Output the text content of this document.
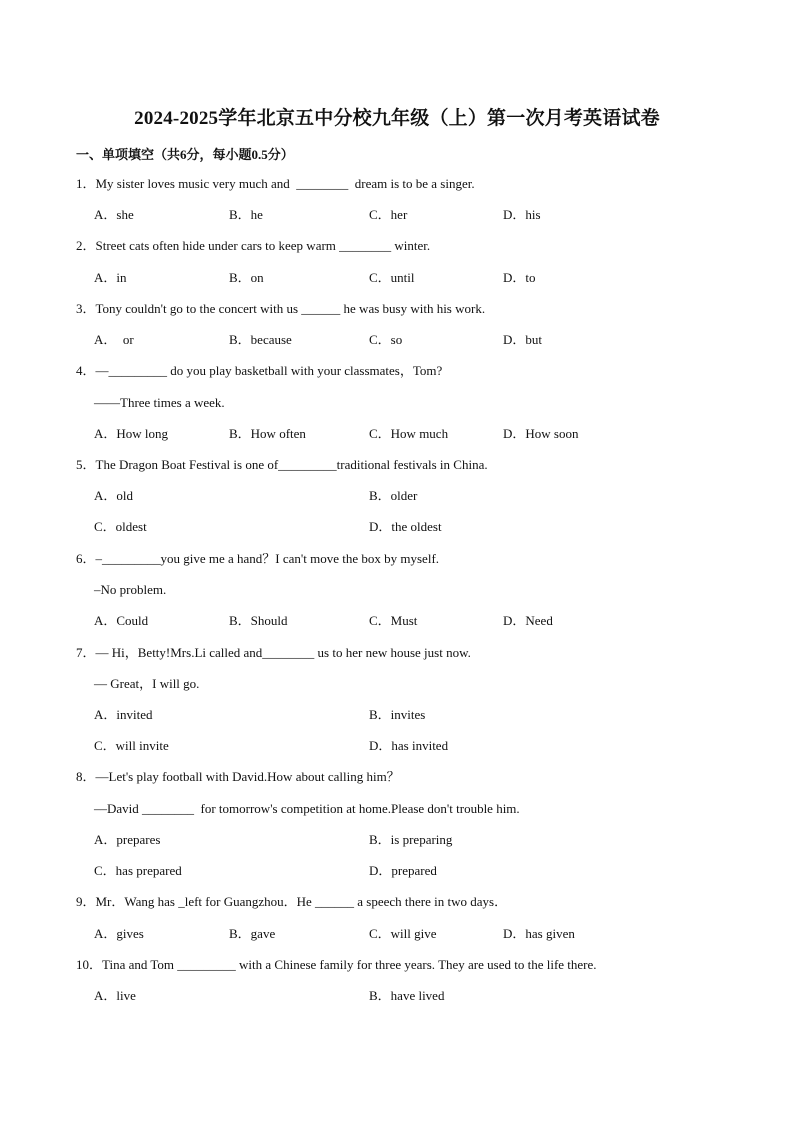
2024-2025学年北京五中分校九年级（上）第一次月考英语试卷
一、单项填空（共6分，每小题0.5分）
1．My sister loves music very much and  ________  dream is to be a singer.
A．she	B．he	C．her	D．his
2．Street cats often hide under cars to keep warm ________ winter.
A．in	B．on	C．until	D．to
3．Tony couldn't go to the concert with us ______ he was busy with his work.
A．  or	B．because	C．so	D．but
4．—_________ do you play basketball with your classmates，Tom?
——Three times a week.
A．How long	B．How often	C．How much	D．How soon
5．The Dragon Boat Festival is one of_________traditional festivals in China.
A．old	B．older
C．oldest	D．the oldest
6．–_________you give me a hand？I can't move the box by myself.
–No problem.
A．Could	B．Should	C．Must	D．Need
7．— Hi，Betty!Mrs.Li called and________ us to her new house just now.
— Great，I will go.
A．invited	B．invites
C．will invite	D．has invited
8．––Let's play football with David.How about calling him？
––David ________  for tomorrow's competition at home.Please don't trouble him.
A．prepares	B．is preparing
C．has prepared	D．prepared
9．Mr．Wang has _left for Guangzhou．He ______ a speech there in two days．
A．gives	B．gave	C．will give	D．has given
10．Tina and Tom _________ with a Chinese family for three years. They are used to the life there.
A．live	B．have lived
